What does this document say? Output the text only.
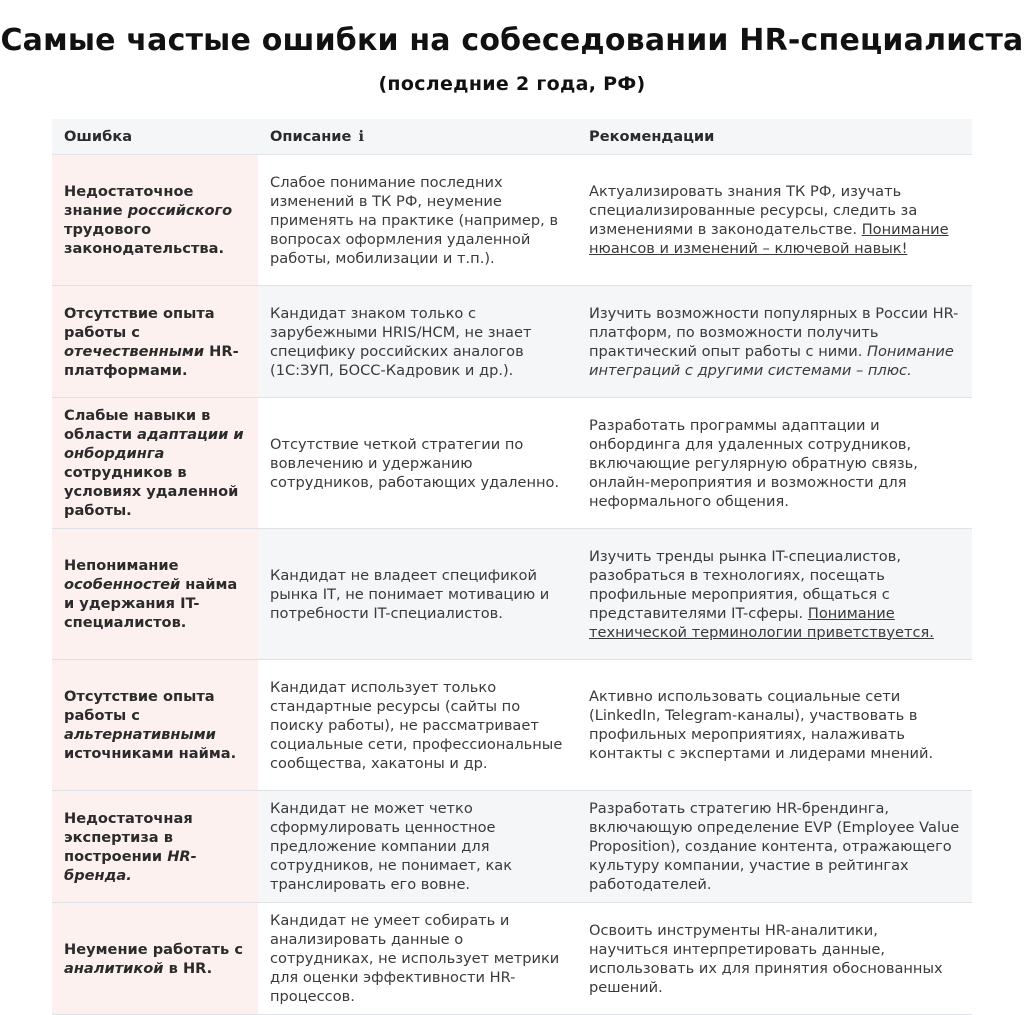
Самые частые ошибки на собеседовании HR-специалиста (последние 2 года, РФ)
Ошибка	Описание ℹ	Рекомендации
Недостаточное знание российского трудового законодательства.	Слабое понимание последних изменений в ТК РФ, неумение применять на практике (например, в вопросах оформления удаленной работы, мобилизации и т.п.).	Актуализировать знания ТК РФ, изучать специализированные ресурсы, следить за изменениями в законодательстве. Понимание нюансов и изменений – ключевой навык!
Отсутствие опыта работы с отечественными HR-платформами.	Кандидат знаком только с зарубежными HRIS/HCM, не знает специфику российских аналогов (1С:ЗУП, БОСС-Кадровик и др.).	Изучить возможности популярных в России HR-платформ, по возможности получить практический опыт работы с ними. Понимание интеграций с другими системами – плюс.
Слабые навыки в области адаптации и онбординга сотрудников в условиях удаленной работы.	Отсутствие четкой стратегии по вовлечению и удержанию сотрудников, работающих удаленно.	Разработать программы адаптации и онбординга для удаленных сотрудников, включающие регулярную обратную связь, онлайн-мероприятия и возможности для неформального общения.
Непонимание особенностей найма и удержания IT-специалистов.	Кандидат не владеет спецификой рынка IT, не понимает мотивацию и потребности IT-специалистов.	Изучить тренды рынка IT-специалистов, разобраться в технологиях, посещать профильные мероприятия, общаться с представителями IT-сферы. Понимание технической терминологии приветствуется.
Отсутствие опыта работы с альтернативными источниками найма.	Кандидат использует только стандартные ресурсы (сайты по поиску работы), не рассматривает социальные сети, профессиональные сообщества, хакатоны и др.	Активно использовать социальные сети (LinkedIn, Telegram-каналы), участвовать в профильных мероприятиях, налаживать контакты с экспертами и лидерами мнений.
Недостаточная экспертиза в построении HR-бренда.	Кандидат не может четко сформулировать ценностное предложение компании для сотрудников, не понимает, как транслировать его вовне.	Разработать стратегию HR-брендинга, включающую определение EVP (Employee Value Proposition), создание контента, отражающего культуру компании, участие в рейтингах работодателей.
Неумение работать с аналитикой в HR.	Кандидат не умеет собирать и анализировать данные о сотрудниках, не использует метрики для оценки эффективности HR-процессов.	Освоить инструменты HR-аналитики, научиться интерпретировать данные, использовать их для принятия обоснованных решений.
